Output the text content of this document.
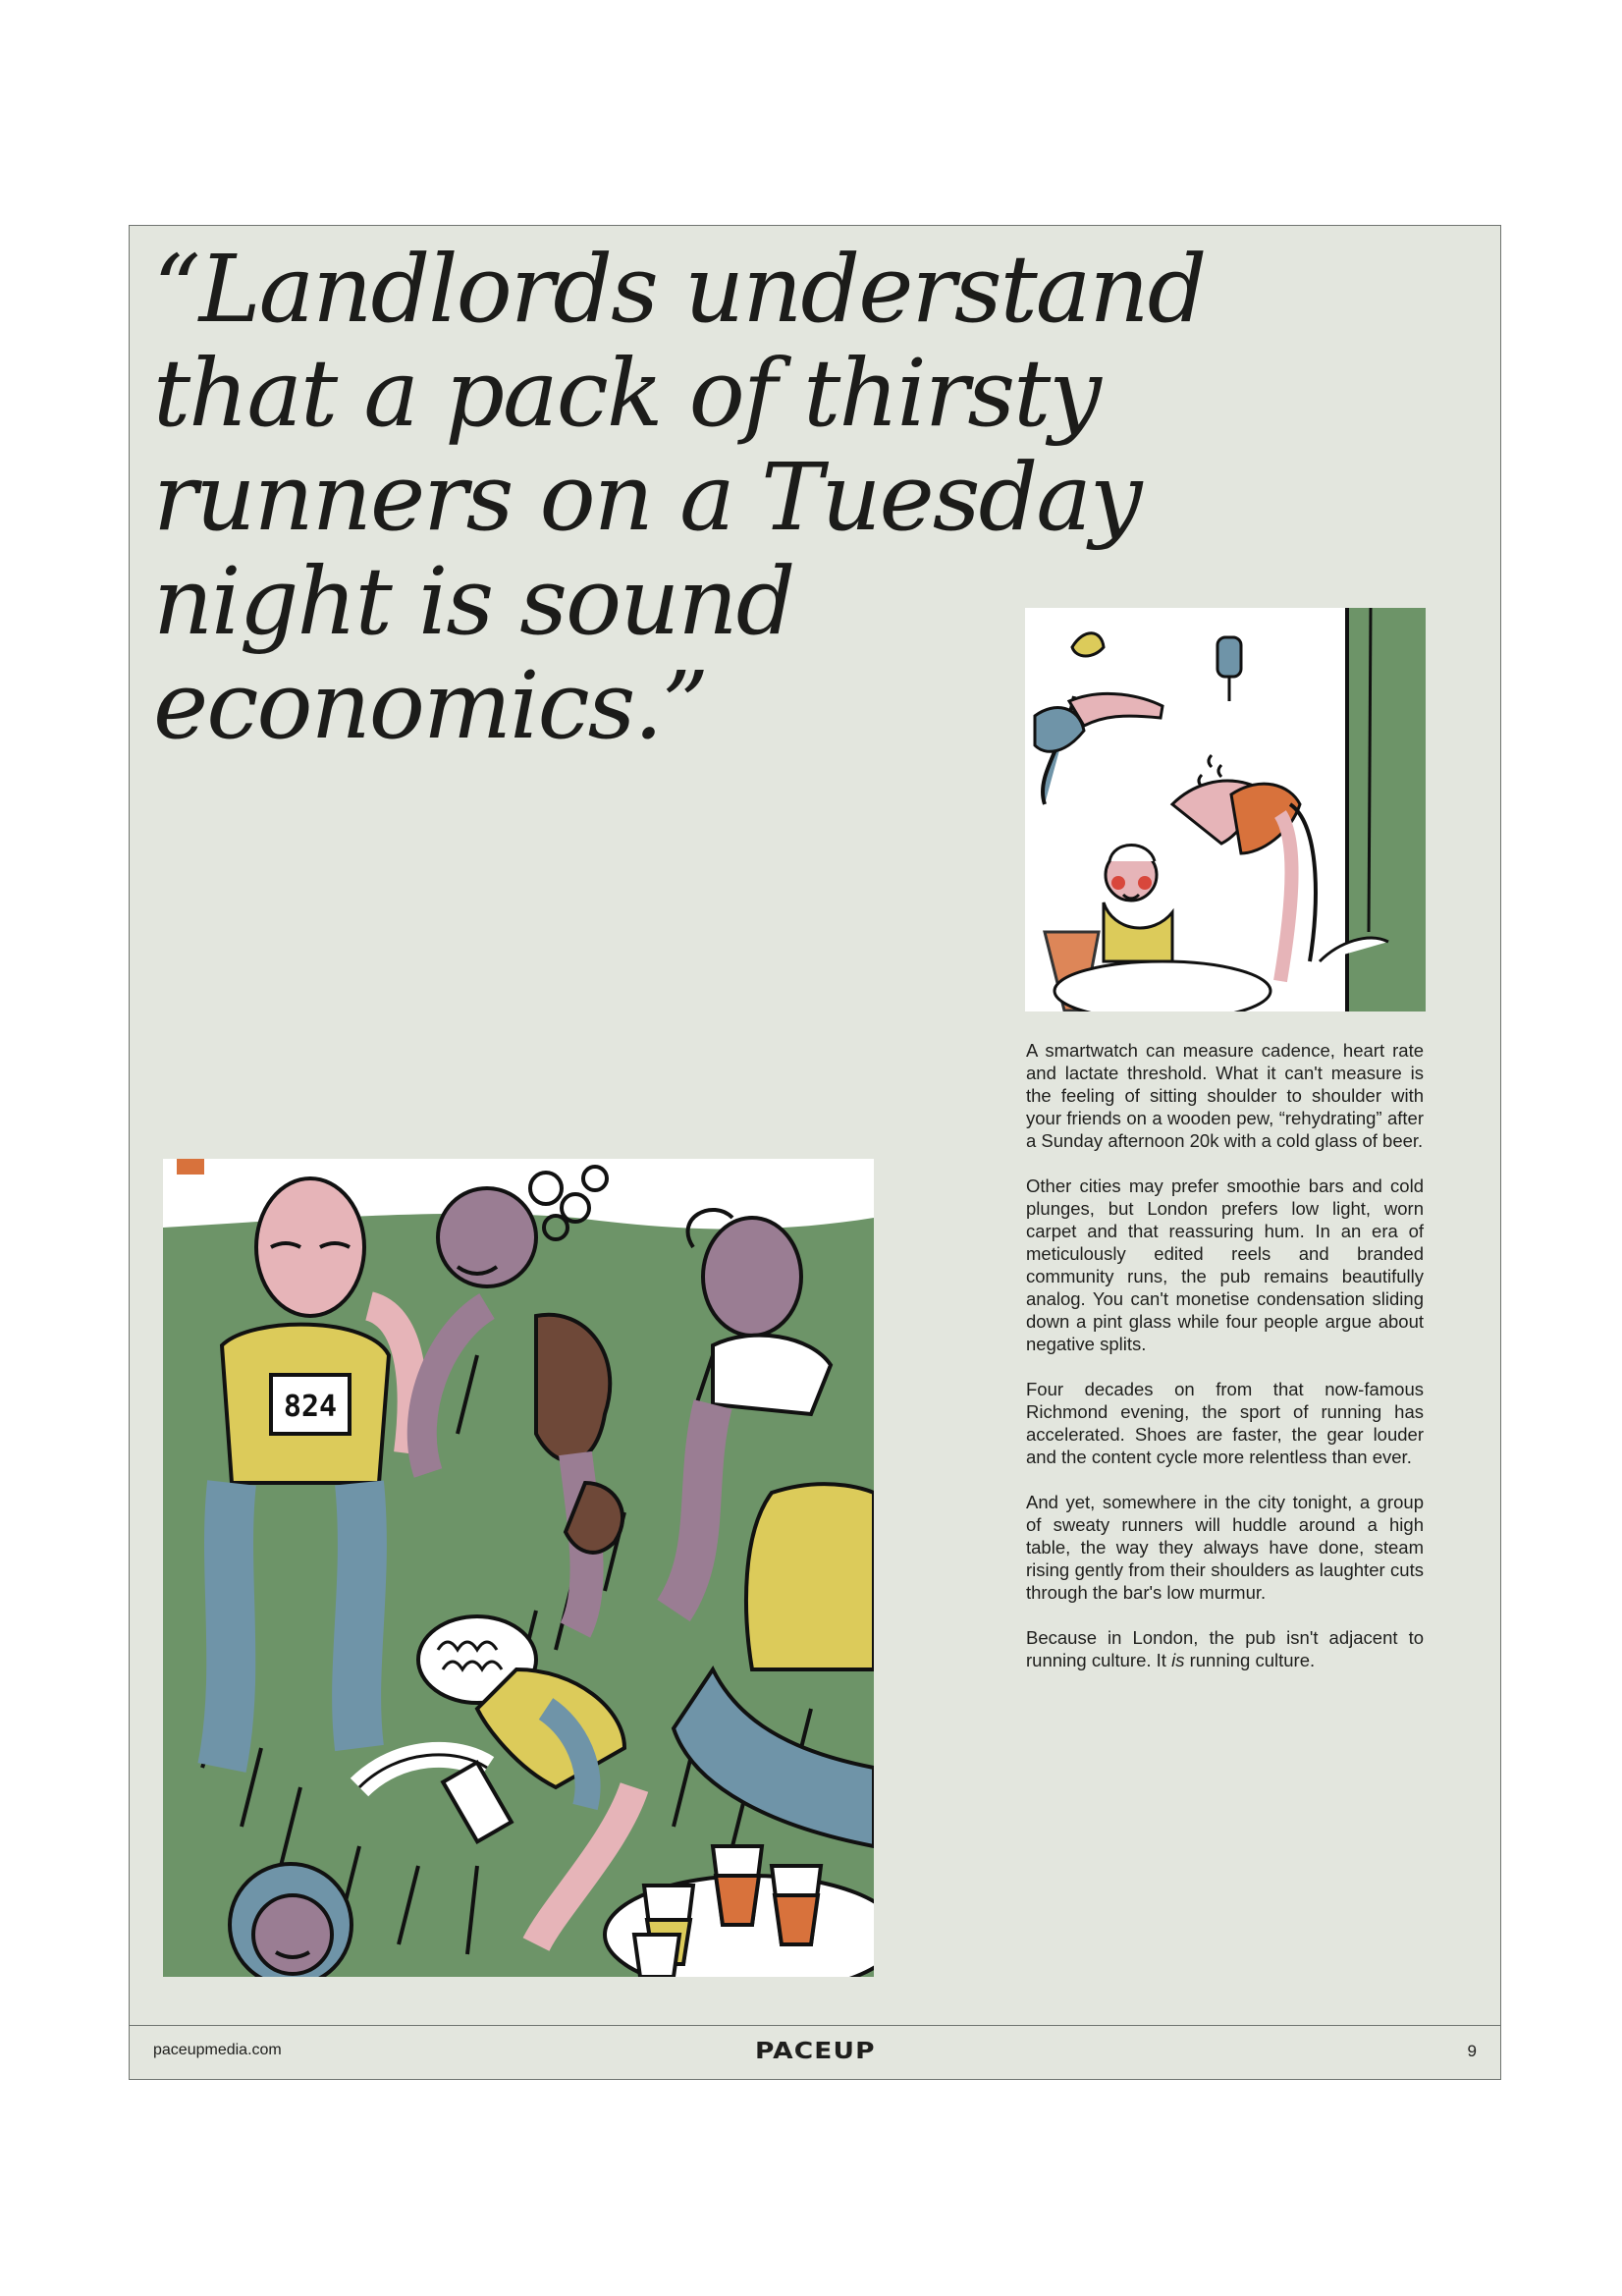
“Landlords understand
that a pack of thirsty
runners on a Tuesday
night is sound
economics.”
824

A smartwatch can measure cadence, heart rate and lactate threshold. What it can't measure is the feeling of sitting shoulder to shoulder with your friends on a wooden pew, “rehydrating” after a Sunday afternoon 20k with a cold glass of beer.

Other cities may prefer smoothie bars and cold plunges, but London prefers low light, worn carpet and that reassuring hum. In an era of meticulously edited reels and branded community runs, the pub remains beautifully analog. You can't monetise condensation sliding down a pint glass while four people argue about negative splits.

Four decades on from that now-famous Richmond evening, the sport of running has accelerated. Shoes are faster, the gear louder and the content cycle more relentless than ever.

And yet, somewhere in the city tonight, a group of sweaty runners will huddle around a high table, the way they always have done, steam rising gently from their shoulders as laughter cuts through the bar's low murmur.

Because in London, the pub isn't adjacent to running culture. It is running culture.

paceupmedia.com	PACEUP	9
